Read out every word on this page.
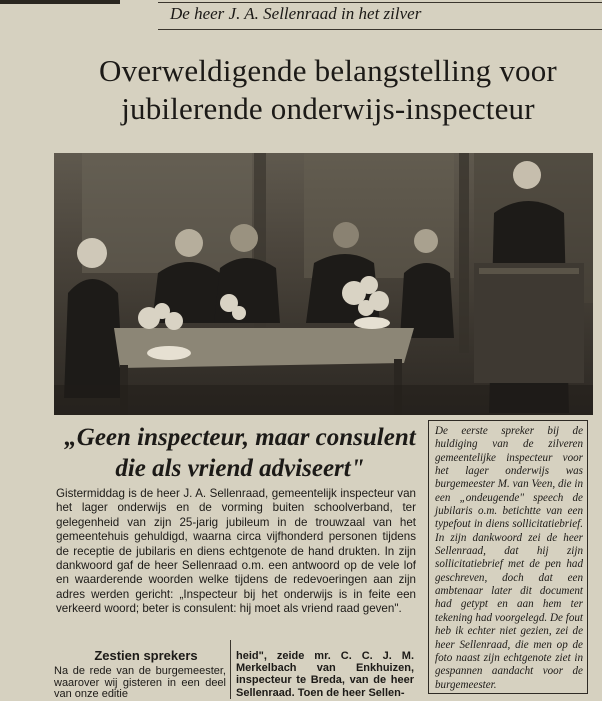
De heer J. A. Sellenraad in het zilver
Overweldigende belangstelling voor
jubilerende onderwijs-inspecteur
„Geen inspecteur, maar consulent
die als vriend adviseert"
Gistermiddag is de heer J. A. Sellenraad, gemeentelijk inspecteur van het lager onderwijs en de vorming buiten schoolverband, ter gelegenheid van zijn 25-jarig jubileum in de trouwzaal van het gemeentehuis gehuldigd, waarna circa vijfhonderd personen tijdens de receptie de jubilaris en diens echtgenote de hand drukten. In zijn dankwoord gaf de heer Sellenraad o.m. een antwoord op de vele lof en waarderende woorden welke tijdens de redevoeringen aan zijn adres werden gericht: „Inspecteur bij het onderwijs is in feite een verkeerd woord; beter is consulent: hij moet als vriend raad geven".
Zestien sprekers
Na de rede van de burgemeester, waarover wij gisteren in een deel van onze editie
heid", zeide mr. C. C. J. M. Merkelbach van Enkhuizen, inspecteur te Breda, van de heer Sellenraad. Toen de heer Sellen-
De eerste spreker bij de huldiging van de zilveren gemeentelijke inspecteur voor het lager onderwijs was burgemeester M. van Veen, die in een „ondeugende" speech de jubilaris o.m. betichtte van een typefout in diens sollicitatiebrief. In zijn dankwoord zei de heer Sellenraad, dat hij zijn sollicitatiebrief met de pen had geschreven, doch dat een ambtenaar later dit document had getypt en aan hem ter tekening had voorgelegd. De fout heb ik echter niet gezien, zei de heer Sellenraad, die men op de foto naast zijn echtgenote ziet in gespannen aandacht voor de burgemeester.
